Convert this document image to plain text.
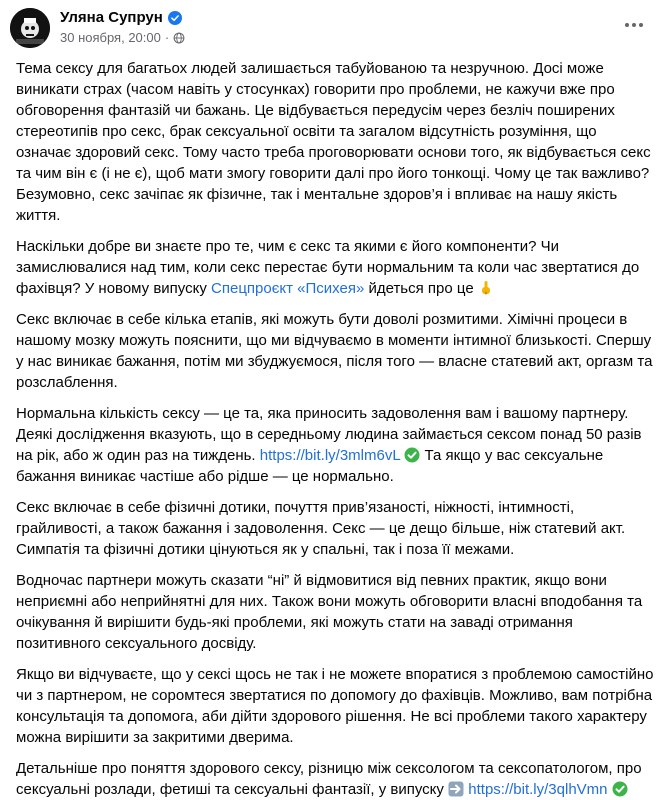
Уляна Супрун
30 ноября, 20:00 ·

Тема сексу для багатьох людей залишається табуйованою та незручною. Досі може виникати страх (часом навіть у стосунках) говорити про проблеми, не кажучи вже про обговорення фантазій чи бажань. Це відбувається передусім через безліч поширених стереотипів про секс, брак сексуальної освіти та загалом відсутність розуміння, що означає здоровий секс. Тому часто треба проговорювати основи того, як відбувається секс та чим він є (і не є), щоб мати змогу говорити далі про його тонкощі. Чому це так важливо? Безумовно, секс зачіпає як фізичне, так і ментальне здоров’я і впливає на нашу якість життя.

Наскільки добре ви знаєте про те, чим є секс та якими є його компоненти? Чи замислювалися над тим, коли секс перестає бути нормальним та коли час звертатися до фахівця? У новому випуску Спецпроєкт «Психея» йдеться про це

Секс включає в себе кілька етапів, які можуть бути доволі розмитими. Хімічні процеси в нашому мозку можуть пояснити, що ми відчуваємо в моменти інтимної близькості. Спершу у нас виникає бажання, потім ми збуджуємося, після того — власне статевий акт, оргазм та розслаблення.

Нормальна кількість сексу — це та, яка приносить задоволення вам і вашому партнеру. Деякі дослідження вказують, що в середньому людина займається сексом понад 50 разів на рік, або ж один раз на тиждень. https://bit.ly/3mlm6vL  Та якщо у вас сексуальне бажання виникає частіше або рідше — це нормально.

Секс включає в себе фізичні дотики, почуття прив’язаності, ніжності, інтимності, грайливості, а також бажання і задоволення. Секс — це дещо більше, ніж статевий акт. Симпатія та фізичні дотики цінуються як у спальні, так і поза її межами.

Водночас партнери можуть сказати “ні” й відмовитися від певних практик, якщо вони неприємні або неприйнятні для них. Також вони можуть обговорити власні вподобання та очікування й вирішити будь-які проблеми, які можуть стати на заваді отримання позитивного сексуального досвіду.

Якщо ви відчуваєте, що у сексі щось не так і не можете впоратися з проблемою самостійно чи з партнером, не соромтеся звертатися по допомогу до фахівців. Можливо, вам потрібна консультація та допомога, аби дійти здорового рішення. Не всі проблеми такого характеру можна вирішити за закритими дверима.

Детальніше про поняття здорового сексу, різницю між сексологом та сексопатологом, про сексуальні розлади, фетиші та сексуальні фантазії, у випуску  https://bit.ly/3qlhVmn
